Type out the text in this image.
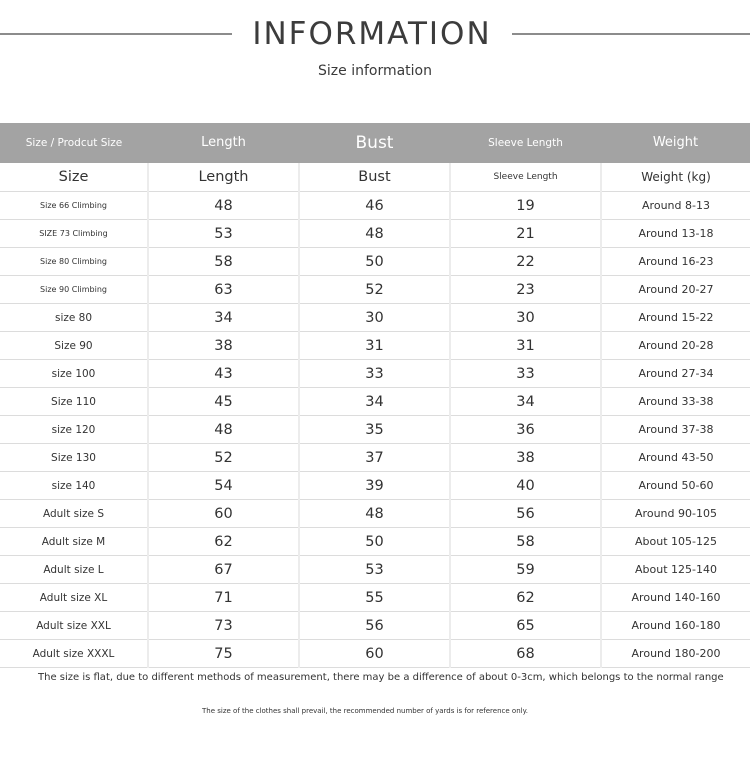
INFORMATION
Size information
Size / Prodcut Size	Length	Bust	Sleeve Length	Weight
Size	Length	Bust	Sleeve Length	Weight (kg)
Size 66 Climbing	48	46	19	Around 8-13
SIZE 73 Climbing	53	48	21	Around 13-18
Size 80 Climbing	58	50	22	Around 16-23
Size 90 Climbing	63	52	23	Around 20-27
size 80	34	30	30	Around 15-22
Size 90	38	31	31	Around 20-28
size 100	43	33	33	Around 27-34
Size 110	45	34	34	Around 33-38
size 120	48	35	36	Around 37-38
Size 130	52	37	38	Around 43-50
size 140	54	39	40	Around 50-60
Adult size S	60	48	56	Around 90-105
Adult size M	62	50	58	About 105-125
Adult size L	67	53	59	About 125-140
Adult size XL	71	55	62	Around 140-160
Adult size XXL	73	56	65	Around 160-180
Adult size XXXL	75	60	68	Around 180-200
The size is flat, due to different methods of measurement, there may be a difference of about 0-3cm, which belongs to the normal range
The size of the clothes shall prevail, the recommended number of yards is for reference only.
